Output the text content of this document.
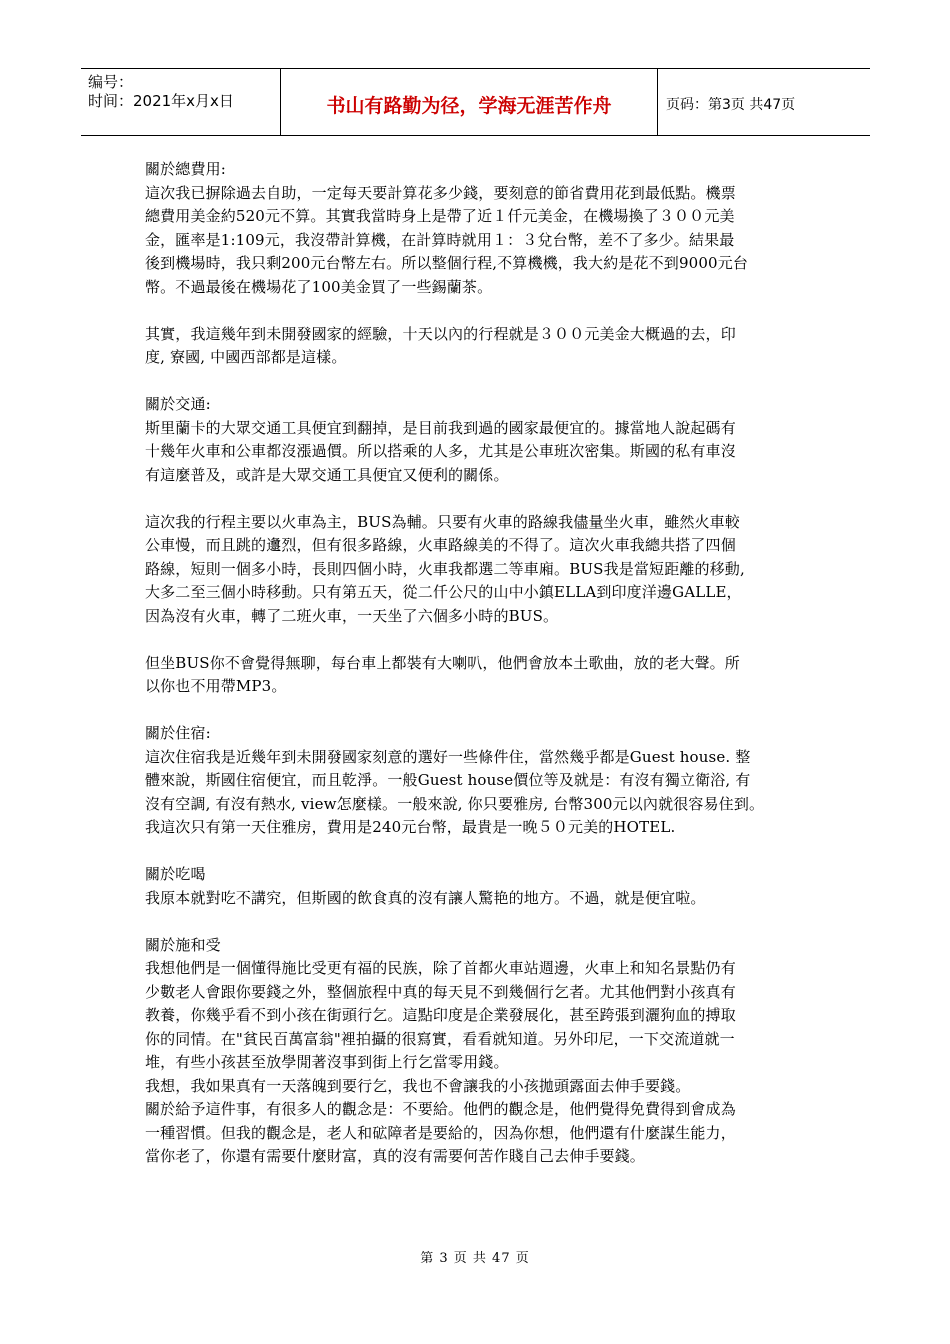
编号：
时间：2021年x月x日	书山有路勤为径，学海无涯苦作舟	页码：第3页 共47页
關於總費用:
這次我已摒除過去自助，一定每天要計算花多少錢，要刻意的節省費用花到最低點。機票
總費用美金約520元不算。其實我當時身上是帶了近１仟元美金，在機場換了３００元美
金，匯率是1:109元，我沒帶計算機，在計算時就用１：３兌台幣，差不了多少。結果最
後到機場時，我只剩200元台幣左右。所以整個行程,不算機機，我大約是花不到9000元台
幣。不過最後在機場花了100美金買了一些錫蘭茶。
其實，我這幾年到未開發國家的經驗，十天以內的行程就是３００元美金大概過的去，印
度, 寮國, 中國西部都是這樣。
關於交通:
斯里蘭卡的大眾交通工具便宜到翻掉，是目前我到過的國家最便宜的。據當地人說起碼有
十幾年火車和公車都沒漲過價。所以搭乘的人多，尤其是公車班次密集。斯國的私有車沒
有這麼普及，或許是大眾交通工具便宜又便利的關係。
這次我的行程主要以火車為主，BUS為輔。只要有火車的路線我儘量坐火車，雖然火車較
公車慢，而且跳的邍烈，但有很多路線，火車路線美的不得了。這次火車我總共搭了四個
路線，短則一個多小時，長則四個小時，火車我都選二等車廂。BUS我是當短距離的移動,
大多二至三個小時移動。只有第五天，從二仟公尺的山中小鎮ELLA到印度洋邊GALLE，
因為沒有火車，轉了二班火車，一天坐了六個多小時的BUS。
但坐BUS你不會覺得無聊，每台車上都裝有大喇叭，他們會放本土歌曲，放的老大聲。所
以你也不用帶MP3。
關於住宿:
這次住宿我是近幾年到未開發國家刻意的選好一些條件住，當然幾乎都是Guest house. 整
體來說，斯國住宿便宜，而且乾淨。一般Guest house價位等及就是：有沒有獨立衛浴, 有
沒有空調, 有沒有熱水, view怎麼樣。一般來說, 你只要雅房, 台幣300元以內就很容易住到。
我這次只有第一天住雅房，費用是240元台幣，最貴是一晚５０元美的HOTEL.
關於吃喝
我原本就對吃不講究，但斯國的飲食真的沒有讓人驚艳的地方。不過，就是便宜啦。
關於施和受
我想他們是一個懂得施比受更有福的民族，除了首都火車站週邊，火車上和知名景點仍有
少數老人會跟你要錢之外，整個旅程中真的每天見不到幾個行乞者。尤其他們對小孩真有
教養，你幾乎看不到小孩在街頭行乞。這點印度是企業發展化，甚至跨張到灑狗血的搏取
你的同情。在"貧民百萬富翁"裡拍攝的很寫實，看看就知道。另外印尼，一下交流道就一
堆，有些小孩甚至放學閒著沒事到街上行乞當零用錢。
我想，我如果真有一天落魄到要行乞，我也不會讓我的小孩拋頭露面去伸手要錢。
關於給予這件事，有很多人的觀念是：不要給。他們的觀念是，他們覺得免費得到會成為
一種習慣。但我的觀念是，老人和砿障者是要給的，因為你想，他們還有什麼謀生能力，
當你老了，你還有需要什麼財富，真的沒有需要何苦作賤自己去伸手要錢。
第 3 页 共 47 页
